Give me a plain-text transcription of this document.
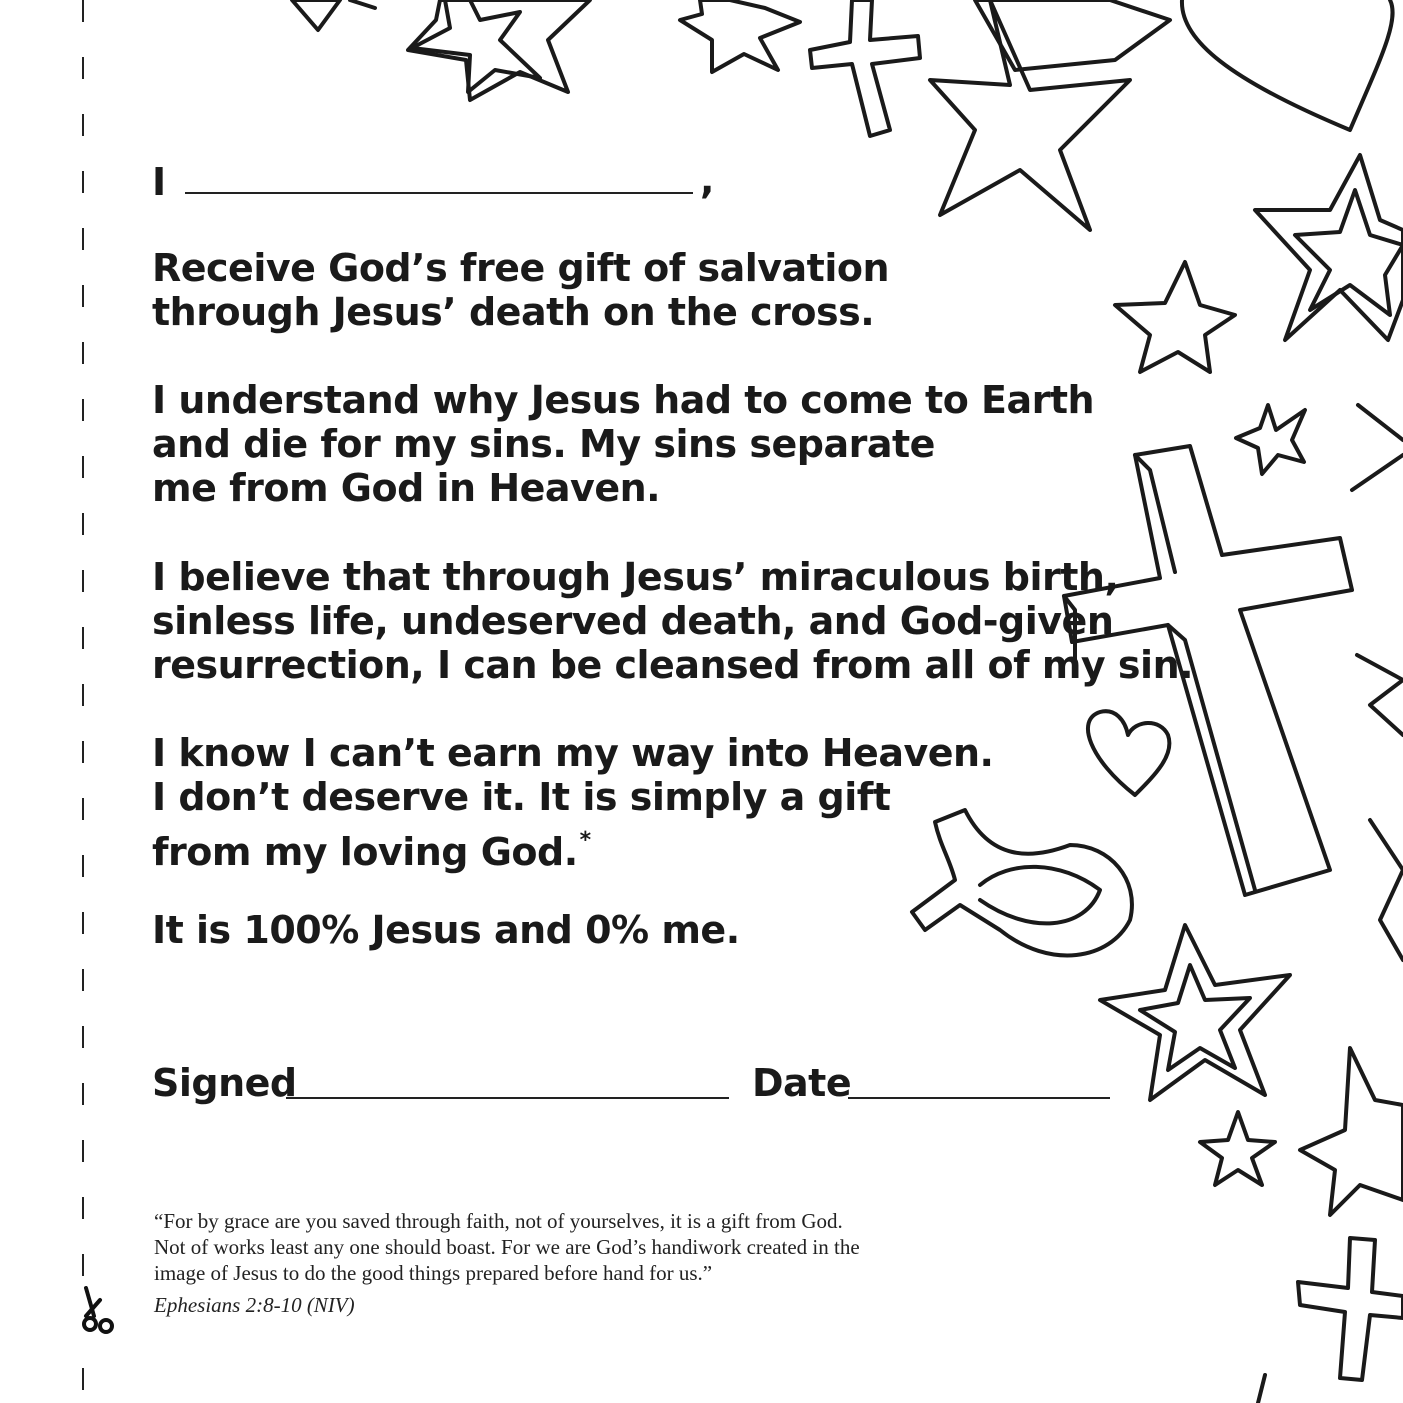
I	,
Receive God’s free gift of salvation
through Jesus’ death on the cross.
I understand why Jesus had to come to Earth
and die for my sins. My sins separate
me from God in Heaven.
I believe that through Jesus’ miraculous birth,
sinless life, undeserved death, and God-given
resurrection, I can be cleansed from all of my sin.
I know I can’t earn my way into Heaven.
I don’t deserve it. It is simply a gift
from my loving God.*
It is 100% Jesus and 0% me.
Signed	Date
“For by grace are you saved through faith, not of yourselves, it is a gift from God.
Not of works least any one should boast. For we are God’s handiwork created in the
image of Jesus to do the good things prepared before hand for us.”
Ephesians 2:8-10 (NIV)
